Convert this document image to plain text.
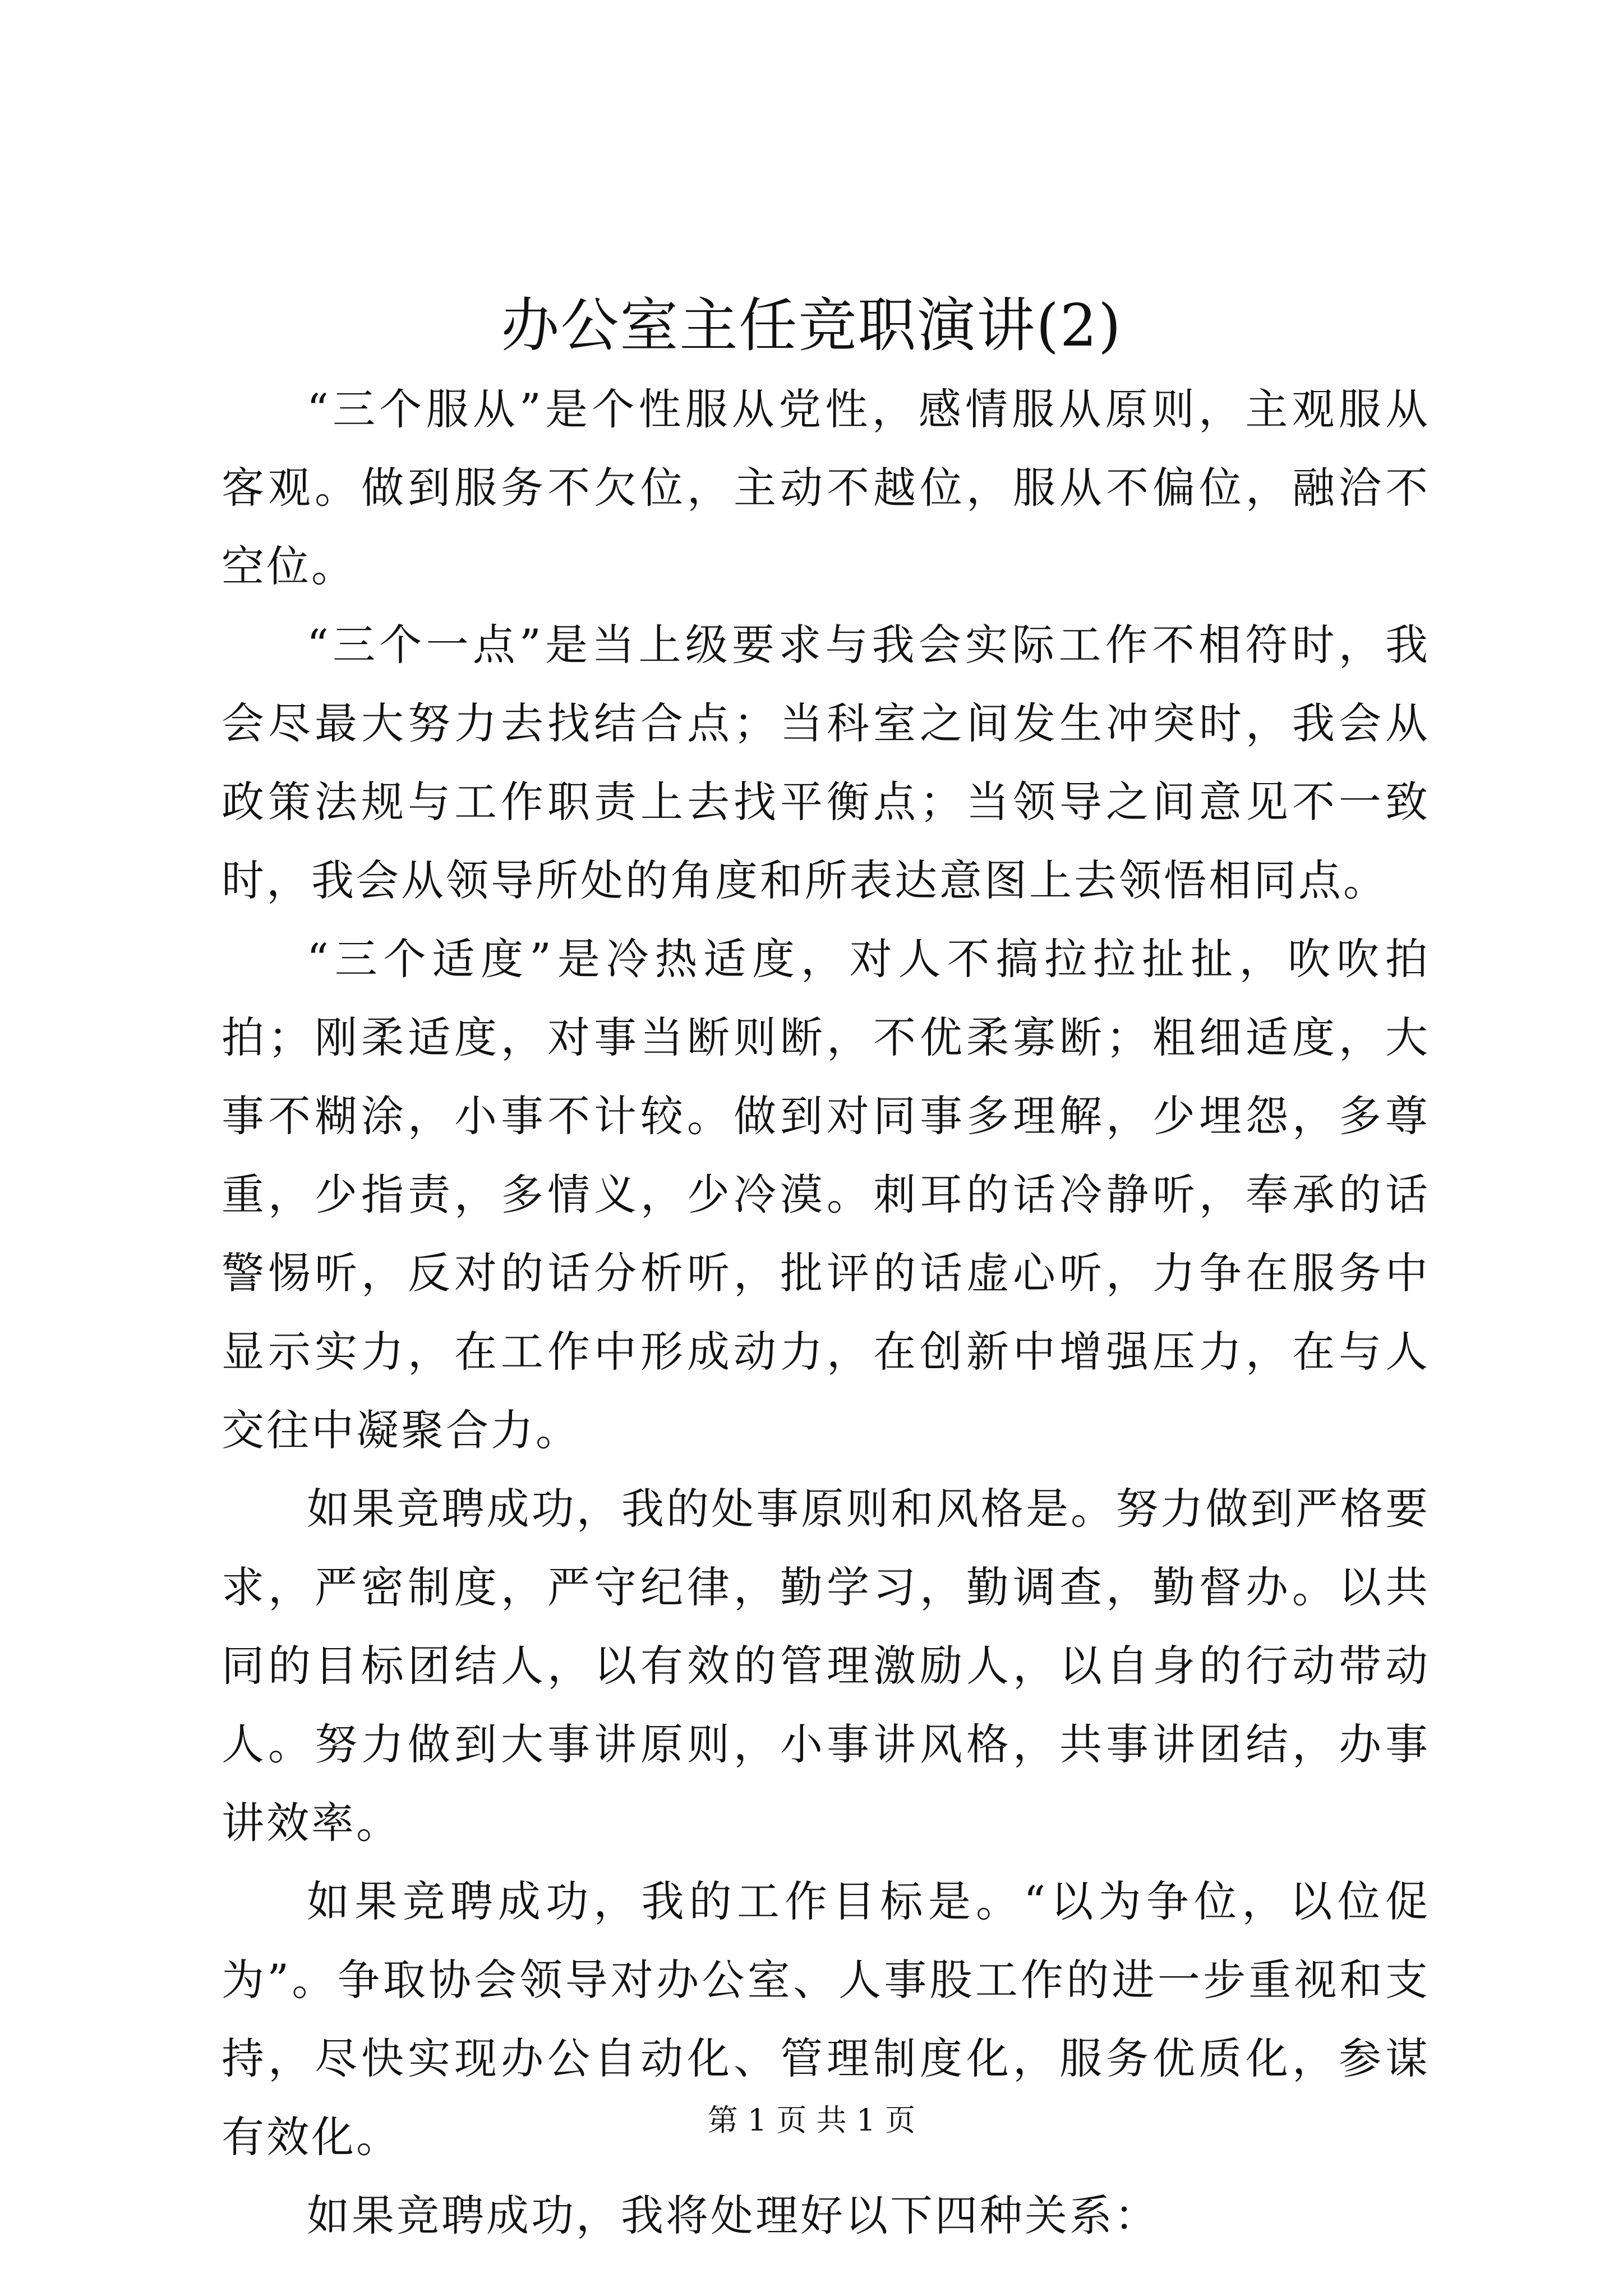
办公室主任竞职演讲(2)

“三个服从”是个性服从党性，感情服从原则，主观服从客观。做到服务不欠位，主动不越位，服从不偏位，融洽不空位。

“三个一点”是当上级要求与我会实际工作不相符时，我会尽最大努力去找结合点；当科室之间发生冲突时，我会从政策法规与工作职责上去找平衡点；当领导之间意见不一致时，我会从领导所处的角度和所表达意图上去领悟相同点。

“三个适度”是冷热适度，对人不搞拉拉扯扯，吹吹拍拍；刚柔适度，对事当断则断，不优柔寡断；粗细适度，大事不糊涂，小事不计较。做到对同事多理解，少埋怨，多尊重，少指责，多情义，少冷漠。刺耳的话冷静听，奉承的话警惕听，反对的话分析听，批评的话虚心听，力争在服务中显示实力，在工作中形成动力，在创新中增强压力，在与人交往中凝聚合力。

如果竞聘成功，我的处事原则和风格是。努力做到严格要求，严密制度，严守纪律，勤学习，勤调查，勤督办。以共同的目标团结人，以有效的管理激励人，以自身的行动带动人。努力做到大事讲原则，小事讲风格，共事讲团结，办事讲效率。

如果竞聘成功，我的工作目标是。“以为争位，以位促为”。争取协会领导对办公室、人事股工作的进一步重视和支持，尽快实现办公自动化、管理制度化，服务优质化，参谋有效化。

如果竞聘成功，我将处理好以下四种关系：

第 1 页 共 1 页
